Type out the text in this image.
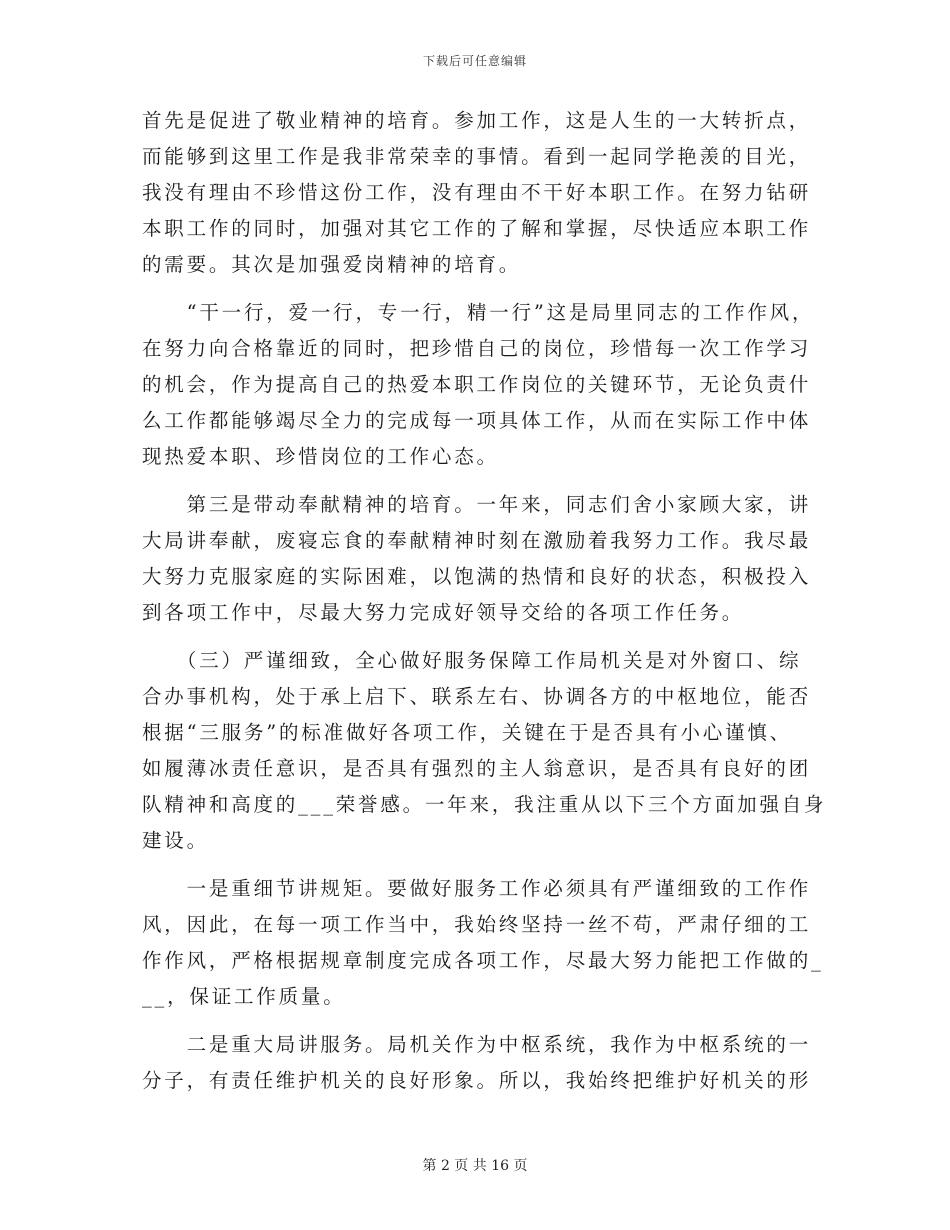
下载后可任意编辑
首先是促进了敬业精神的培育。参加工作，这是人生的一大转折点，
而能够到这里工作是我非常荣幸的事情。看到一起同学艳羡的目光，
我没有理由不珍惜这份工作，没有理由不干好本职工作。在努力钻研
本职工作的同时，加强对其它工作的了解和掌握，尽快适应本职工作
的需要。其次是加强爱岗精神的培育。
　　“干一行，爱一行，专一行，精一行”这是局里同志的工作作风，
在努力向合格靠近的同时，把珍惜自己的岗位，珍惜每一次工作学习
的机会，作为提高自己的热爱本职工作岗位的关键环节，无论负责什
么工作都能够竭尽全力的完成每一项具体工作，从而在实际工作中体
现热爱本职、珍惜岗位的工作心态。
　　第三是带动奉献精神的培育。一年来，同志们舍小家顾大家，讲
大局讲奉献，废寝忘食的奉献精神时刻在激励着我努力工作。我尽最
大努力克服家庭的实际困难，以饱满的热情和良好的状态，积极投入
到各项工作中，尽最大努力完成好领导交给的各项工作任务。
　　（三）严谨细致，全心做好服务保障工作局机关是对外窗口、综
合办事机构，处于承上启下、联系左右、协调各方的中枢地位，能否
根据“三服务”的标准做好各项工作，关键在于是否具有小心谨慎、
如履薄冰责任意识，是否具有强烈的主人翁意识，是否具有良好的团
队精神和高度的___荣誉感。一年来，我注重从以下三个方面加强自身
建设。
　　一是重细节讲规矩。要做好服务工作必须具有严谨细致的工作作
风，因此，在每一项工作当中，我始终坚持一丝不苟，严肃仔细的工
作作风，严格根据规章制度完成各项工作，尽最大努力能把工作做的_
__，保证工作质量。
　　二是重大局讲服务。局机关作为中枢系统，我作为中枢系统的一
分子，有责任维护机关的良好形象。所以，我始终把维护好机关的形
第 2 页 共 16 页
